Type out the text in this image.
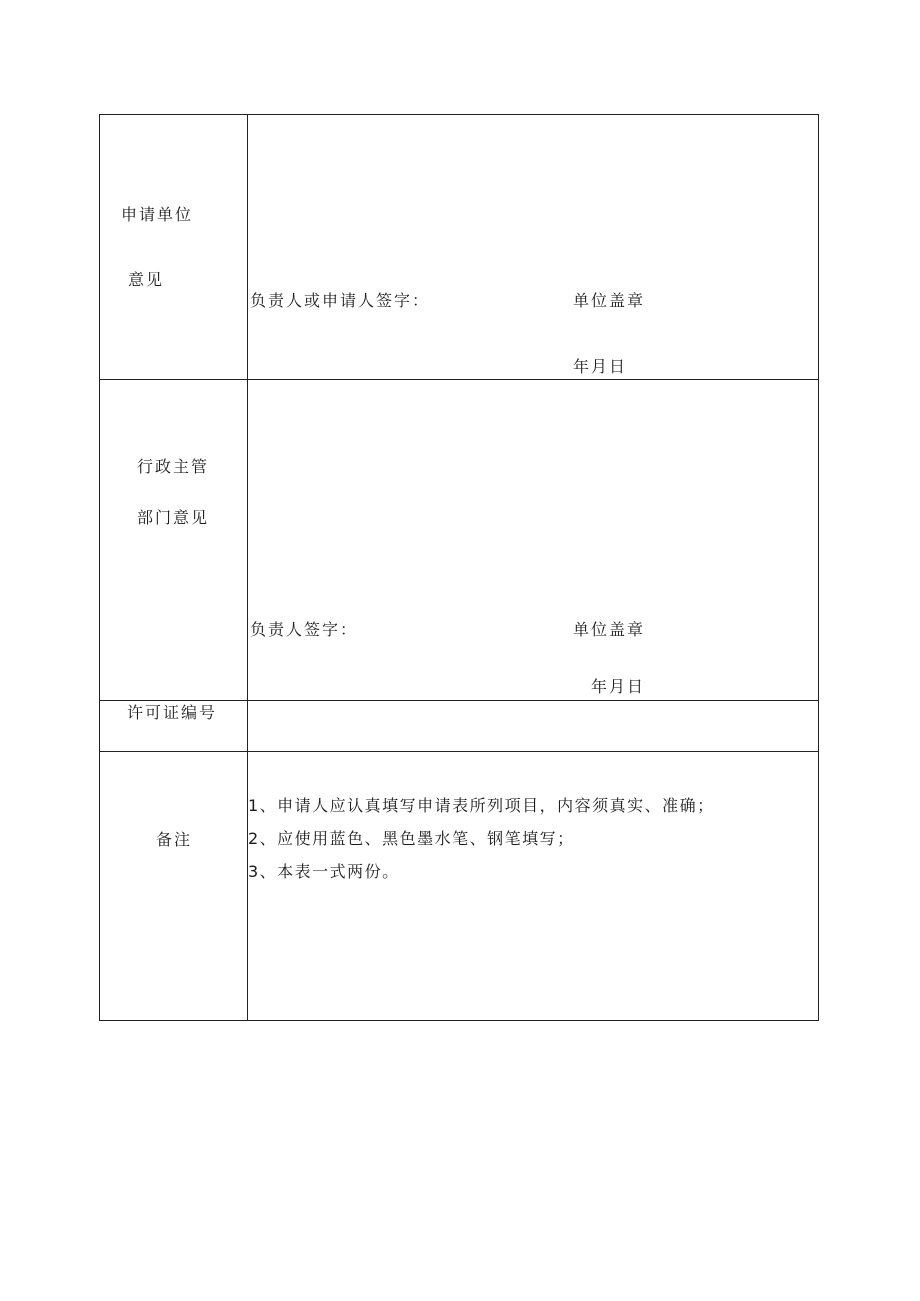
申请单位
意见
负责人或申请人签字：	单位盖章
年月日
行政主管
部门意见
负责人签字：	单位盖章
年月日
许可证编号
备注
1、申请人应认真填写申请表所列项目，内容须真实、准确；
2、应使用蓝色、黑色墨水笔、钢笔填写；
3、本表一式两份。
